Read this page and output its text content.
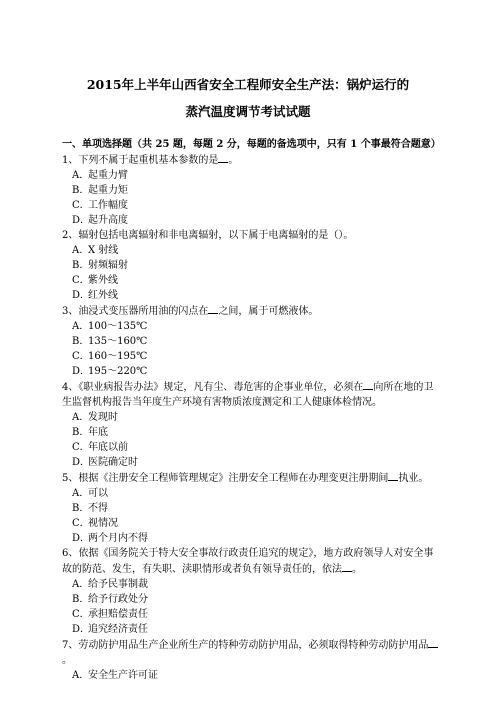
2015年上半年山西省安全工程师安全生产法：锅炉运行的
蒸汽温度调节考试试题

一、单项选择题（共 25 题，每题 2 分，每题的备选项中，只有 1 个事最符合题意）

1、下列不属于起重机基本参数的是 。

A．起重力臂

B．起重力矩

C．工作幅度

D．起升高度

2、辐射包括电离辐射和非电离辐射，以下属于电离辐射的是（）。

A．X 射线

B．射频辐射

C．紫外线

D．红外线

3、油浸式变压器所用油的闪点在 之间，属于可燃液体。

A．100～135℃

B．135～160℃

C．160～195℃

D．195～220℃

4、《职业病报告办法》规定，凡有尘、毒危害的企事业单位，必须在 向所在地的卫生监督机构报告当年度生产环境有害物质浓度测定和工人健康体检情况。

A．发现时

B．年底

C．年底以前

D．医院确定时

5、根据《注册安全工程师管理规定》注册安全工程师在办理变更注册期间 执业。

A．可以

B．不得

C．视情况

D．两个月内不得

6、依据《国务院关于特大安全事故行政责任追究的规定》，地方政府领导人对安全事故的防范、发生，有失职、渎职情形或者负有领导责任的，依法 。

A．给予民事制裁

B．给予行政处分

C．承担赔偿责任

D．追究经济责任

7、劳动防护用品生产企业所生产的特种劳动防护用品，必须取得特种劳动防护用品。

A．安全生产许可证
